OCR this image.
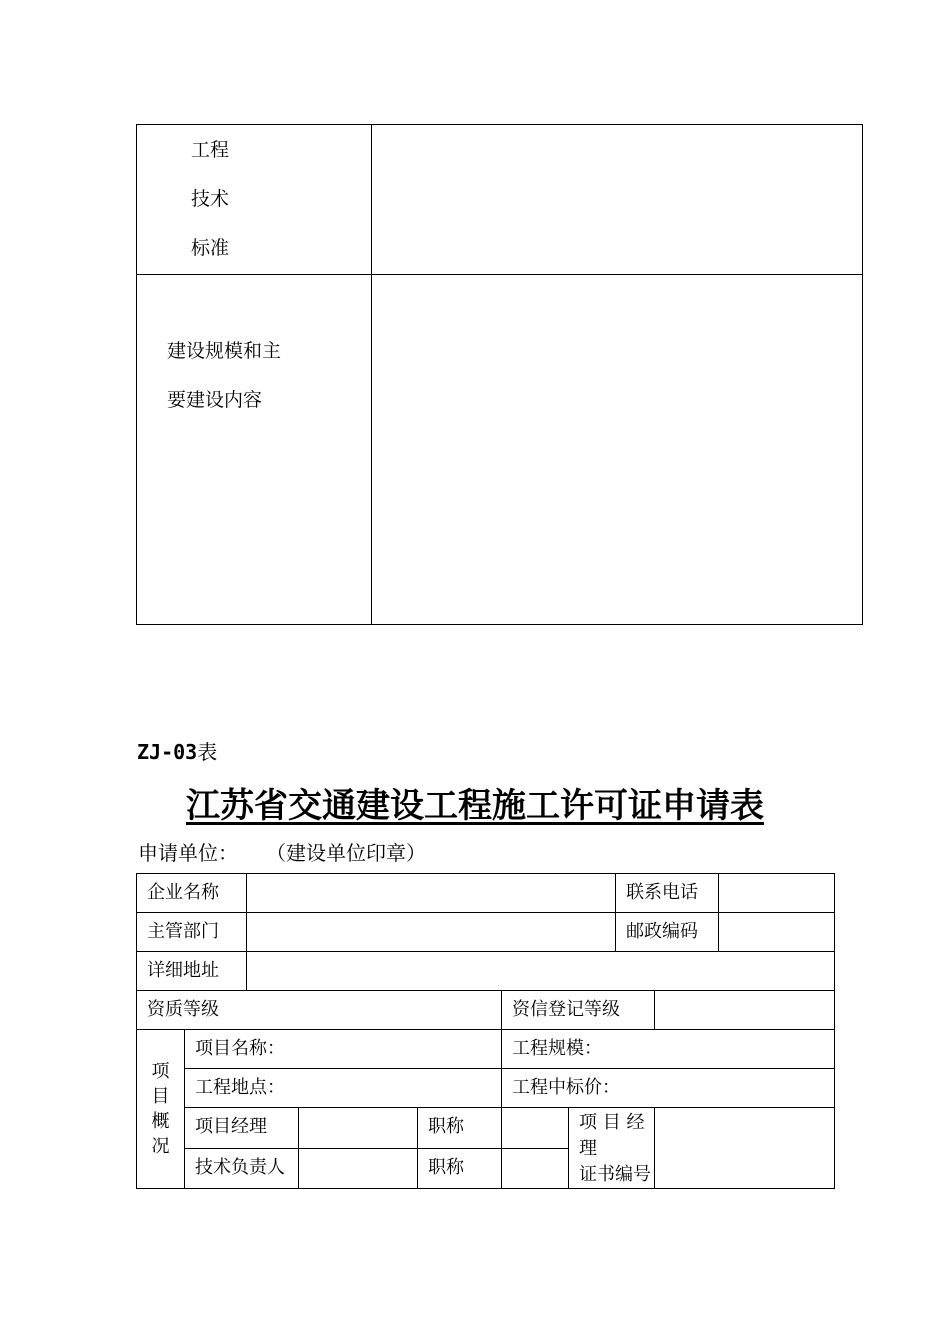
工程
技术
标准	

建设规模和主
要建设内容	

ZJ-03表
江苏省交通建设工程施工许可证申请表
申请单位： （建设单位印章）
企业名称							联系电话		
主管部门							邮政编码		
详细地址									
资质等级					资信登记等级				

项
目
概
况	项目名称：				工程规模：				
	工程地点：				工程中标价：				
	项目经理			职称		项 目 经 理
证书编号			

	技术负责人			职称					
